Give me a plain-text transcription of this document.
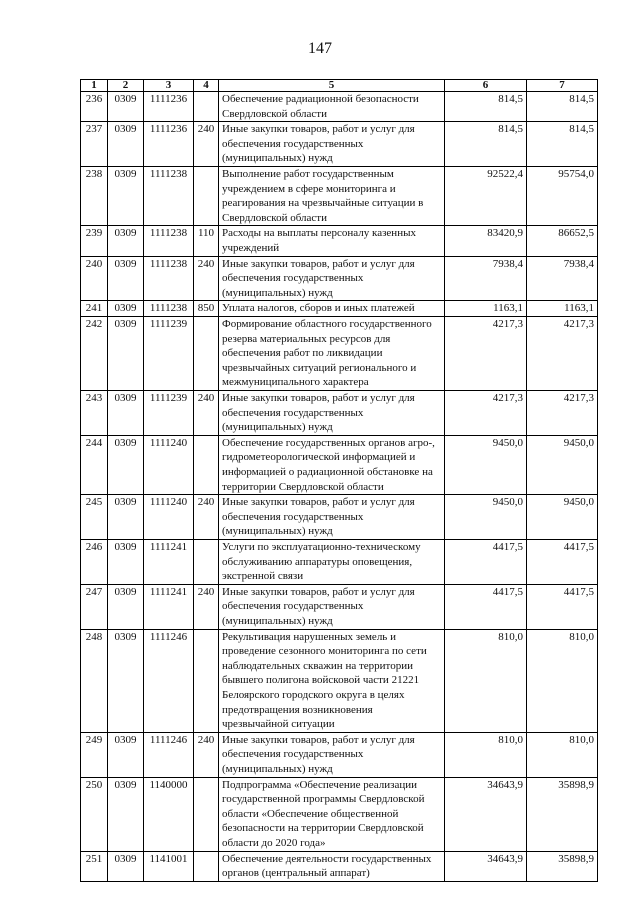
147
1	2	3	4	5	6	7
236	0309	1111236		Обеспечение радиационной безопасности Свердловской области	814,5	814,5
237	0309	1111236	240	Иные закупки товаров, работ и услуг для обеспечения государственных (муниципальных) нужд	814,5	814,5
238	0309	1111238		Выполнение работ государственным учреждением в сфере мониторинга и реагирования на чрезвычайные ситуации в Свердловской области	92522,4	95754,0
239	0309	1111238	110	Расходы на выплаты персоналу казенных учреждений	83420,9	86652,5
240	0309	1111238	240	Иные закупки товаров, работ и услуг для обеспечения государственных (муниципальных) нужд	7938,4	7938,4
241	0309	1111238	850	Уплата налогов, сборов и иных платежей	1163,1	1163,1
242	0309	1111239		Формирование областного государственного резерва материальных ресурсов для обеспечения работ по ликвидации чрезвычайных ситуаций регионального и межмуниципального характера	4217,3	4217,3
243	0309	1111239	240	Иные закупки товаров, работ и услуг для обеспечения государственных (муниципальных) нужд	4217,3	4217,3
244	0309	1111240		Обеспечение государственных органов агро-, гидрометеорологической информацией и информацией о радиационной обстановке на территории Свердловской области	9450,0	9450,0
245	0309	1111240	240	Иные закупки товаров, работ и услуг для обеспечения государственных (муниципальных) нужд	9450,0	9450,0
246	0309	1111241		Услуги по эксплуатационно-техническому обслуживанию аппаратуры оповещения, экстренной связи	4417,5	4417,5
247	0309	1111241	240	Иные закупки товаров, работ и услуг для обеспечения государственных (муниципальных) нужд	4417,5	4417,5
248	0309	1111246		Рекультивация нарушенных земель и проведение сезонного мониторинга по сети наблюдательных скважин на территории бывшего полигона войсковой части 21221 Белоярского городского округа в целях предотвращения возникновения чрезвычайной ситуации	810,0	810,0
249	0309	1111246	240	Иные закупки товаров, работ и услуг для обеспечения государственных (муниципальных) нужд	810,0	810,0
250	0309	1140000		Подпрограмма «Обеспечение реализации государственной программы Свердловской области «Обеспечение общественной безопасности на территории Свердловской области до 2020 года»	34643,9	35898,9
251	0309	1141001		Обеспечение деятельности государственных органов (центральный аппарат)	34643,9	35898,9
